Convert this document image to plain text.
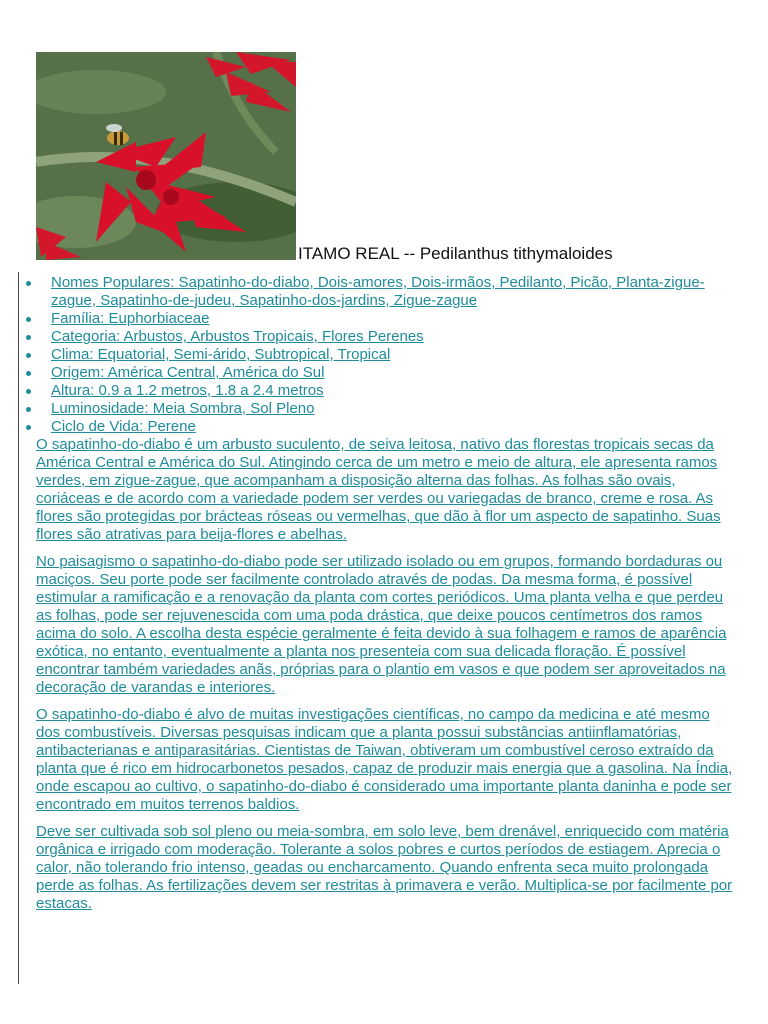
ITAMO REAL -- Pedilanthus tithymaloides
Nomes Populares: Sapatinho-do-diabo, Dois-amores, Dois-irmãos, Pedilanto, Picão, Planta-zigue-zague, Sapatinho-de-judeu, Sapatinho-dos-jardins, Zigue-zague
Família: Euphorbiaceae
Categoria: Arbustos, Arbustos Tropicais, Flores Perenes
Clima: Equatorial, Semi-árido, Subtropical, Tropical
Origem: América Central, América do Sul
Altura: 0.9 a 1.2 metros, 1.8 a 2.4 metros
Luminosidade: Meia Sombra, Sol Pleno
Ciclo de Vida: Perene

O sapatinho-do-diabo é um arbusto suculento, de seiva leitosa, nativo das florestas tropicais secas da América Central e América do Sul. Atingindo cerca de um metro e meio de altura, ele apresenta ramos verdes, em zigue-zague, que acompanham a disposição alterna das folhas. As folhas são ovais, coriáceas e de acordo com a variedade podem ser verdes ou variegadas de branco, creme e rosa. As flores são protegidas por brácteas róseas ou vermelhas, que dão à flor um aspecto de sapatinho. Suas flores são atrativas para beija-flores e abelhas.

No paisagismo o sapatinho-do-diabo pode ser utilizado isolado ou em grupos, formando bordaduras ou maciços. Seu porte pode ser facilmente controlado através de podas. Da mesma forma, é possível estimular a ramificação e a renovação da planta com cortes periódicos. Uma planta velha e que perdeu as folhas, pode ser rejuvenescida com uma poda drástica, que deixe poucos centímetros dos ramos acima do solo. A escolha desta espécie geralmente é feita devido à sua folhagem e ramos de aparência exótica, no entanto, eventualmente a planta nos presenteia com sua delicada floração. É possível encontrar também variedades anãs, próprias para o plantio em vasos e que podem ser aproveitados na decoração de varandas e interiores.

O sapatinho-do-diabo é alvo de muitas investigações científicas, no campo da medicina e até mesmo dos combustíveis. Diversas pesquisas indicam que a planta possui substâncias antiinflamatórias, antibacterianas e antiparasitárias. Cientistas de Taiwan, obtiveram um combustível ceroso extraído da planta que é rico em hidrocarbonetos pesados, capaz de produzir mais energia que a gasolina. Na Índia, onde escapou ao cultivo, o sapatinho-do-diabo é considerado uma importante planta daninha e pode ser encontrado em muitos terrenos baldios.

Deve ser cultivada sob sol pleno ou meia-sombra, em solo leve, bem drenável, enriquecido com matéria orgânica e irrigado com moderação. Tolerante a solos pobres e curtos períodos de estiagem. Aprecia o calor, não tolerando frio intenso, geadas ou encharcamento. Quando enfrenta seca muito prolongada perde as folhas. As fertilizações devem ser restritas à primavera e verão. Multiplica-se por facilmente por estacas.
